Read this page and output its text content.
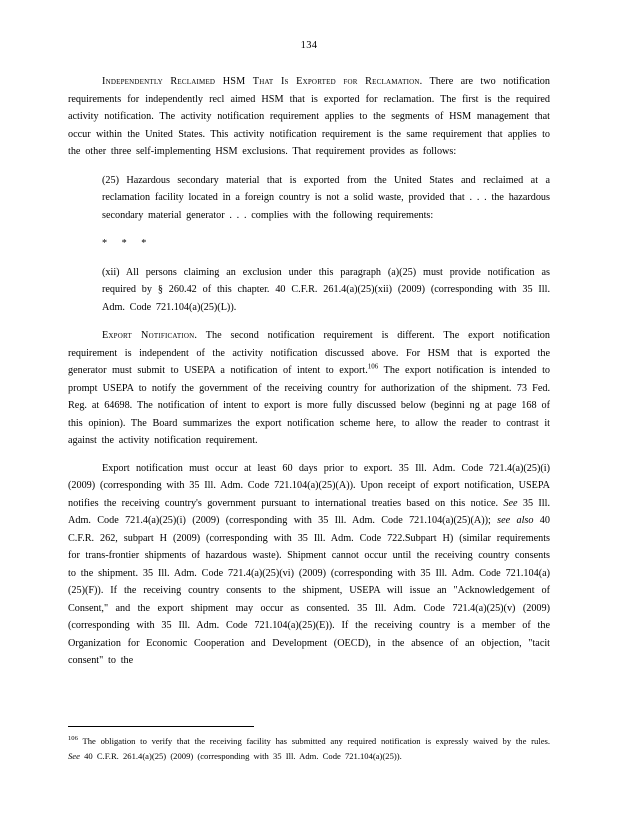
134

Independently Reclaimed HSM That Is Exported for Reclamation. There are two notification requirements for independently recl aimed HSM that is exported for reclamation. The first is the required activity notification. The activity notification requirement applies to the segments of HSM management that occur within the United States. This activity notification requirement is the same requirement that applies to the other three self-implementing HSM exclusions. That requirement provides as follows:

(25) Hazardous secondary material that is exported from the United States and reclaimed at a reclamation facility located in a foreign country is not a solid waste, provided that . . . the hazardous secondary material generator . . . complies with the following requirements:
* * *
(xii) All persons claiming an exclusion under this paragraph (a)(25) must provide notification as required by § 260.42 of this chapter. 40 C.F.R. 261.4(a)(25)(xii) (2009) (corresponding with 35 Ill. Adm. Code 721.104(a)(25)(L)).

Export Notification. The second notification requirement is different. The export notification requirement is independent of the activity notification discussed above. For HSM that is exported the generator must submit to USEPA a notification of intent to export.$^{106}$ The export notification is intended to prompt USEPA to notify the government of the receiving country for authorization of the shipment. 73 Fed. Reg. at 64698. The notification of intent to export is more fully discussed below (beginni ng at page 168 of this opinion). The Board summarizes the export notification scheme here, to allow the reader to contrast it against the activity notification requirement.

Export notification must occur at least 60 days prior to export. 35 Ill. Adm. Code 721.4(a)(25)(i) (2009) (corresponding with 35 Ill. Adm. Code 721.104(a)(25)(A)). Upon receipt of export notification, USEPA notifies the receiving country's government pursuant to international treaties based on this notice. See 35 Ill. Adm. Code 721.4(a)(25)(i) (2009) (corresponding with 35 Ill. Adm. Code 721.104(a)(25)(A)); see also 40 C.F.R. 262, subpart H (2009) (corresponding with 35 Ill. Adm. Code 722.Subpart H) (similar requirements for trans-frontier shipments of hazardous waste). Shipment cannot occur until the receiving country consents to the shipment. 35 Ill. Adm. Code 721.4(a)(25)(vi) (2009) (corresponding with 35 Ill. Adm. Code 721.104(a)(25)(F)). If the receiving country consents to the shipment, USEPA will issue an "Acknowledgement of Consent," and the export shipment may occur as consented. 35 Ill. Adm. Code 721.4(a)(25)(v) (2009) (corresponding with 35 Ill. Adm. Code 721.104(a)(25)(E)). If the receiving country is a member of the Organization for Economic Cooperation and Development (OECD), in the absence of an objection, "tacit consent" to the

$^{106}$ The obligation to verify that the receiving facility has submitted any required notification is expressly waived by the rules. See 40 C.F.R. 261.4(a)(25) (2009) (corresponding with 35 Ill. Adm. Code 721.104(a)(25)).
